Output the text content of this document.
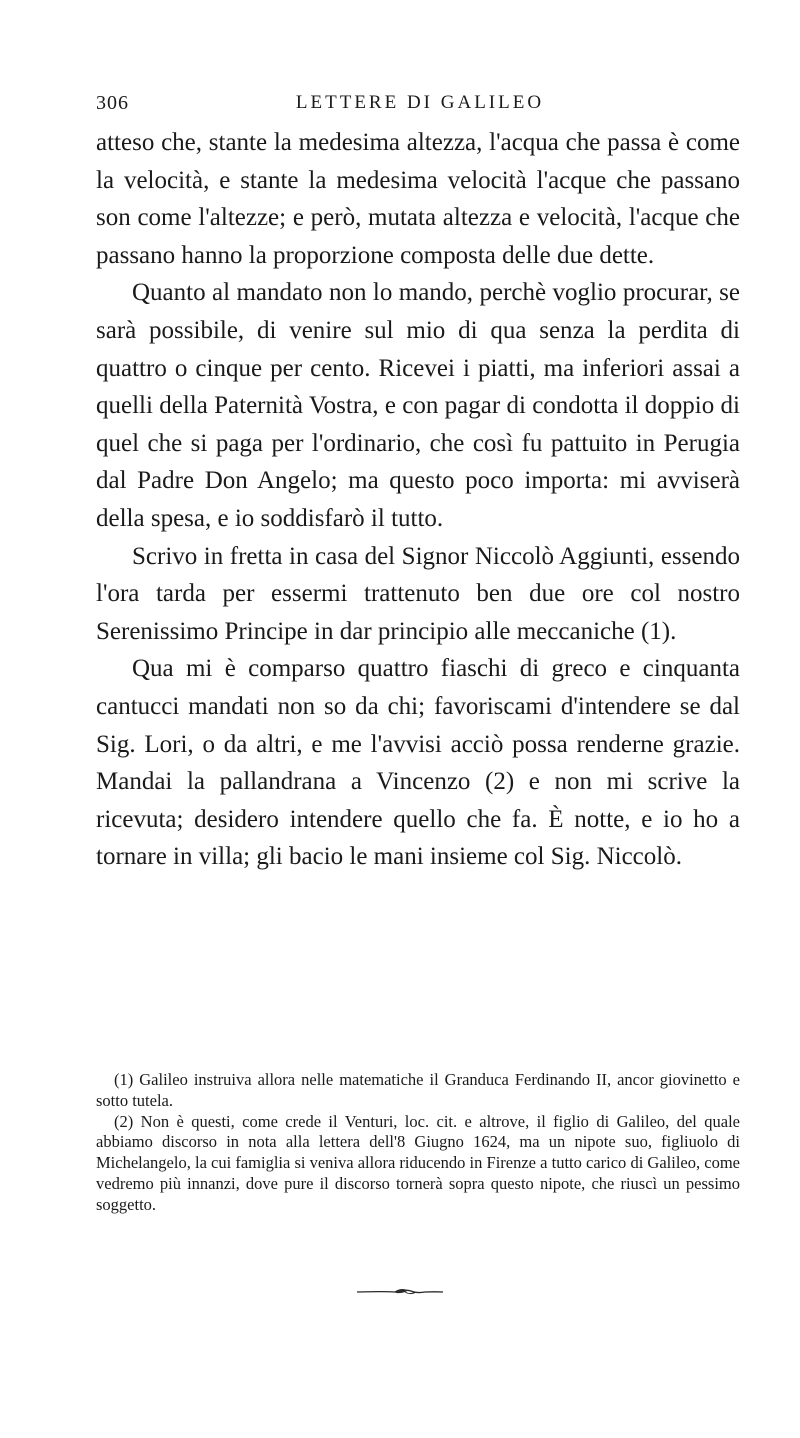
306	LETTERE DI GALILEO

atteso che, stante la medesima altezza, l'acqua che passa è come la velocità, e stante la medesima velocità l'acque che passano son come l'altezze; e però, mutata altezza e velocità, l'acque che passano hanno la proporzione composta delle due dette.

Quanto al mandato non lo mando, perchè voglio procurar, se sarà possibile, di venire sul mio di qua senza la perdita di quattro o cinque per cento. Ricevei i piatti, ma inferiori assai a quelli della Paternità Vostra, e con pagar di condotta il doppio di quel che si paga per l'ordinario, che così fu pattuito in Perugia dal Padre Don Angelo; ma questo poco importa: mi avviserà della spesa, e io soddisfarò il tutto.

Scrivo in fretta in casa del Signor Niccolò Aggiunti, essendo l'ora tarda per essermi trattenuto ben due ore col nostro Serenissimo Principe in dar principio alle meccaniche (1).

Qua mi è comparso quattro fiaschi di greco e cinquanta cantucci mandati non so da chi; favoriscami d'intendere se dal Sig. Lori, o da altri, e me l'avvisi acciò possa renderne grazie. Mandai la pallandrana a Vincenzo (2) e non mi scrive la ricevuta; desidero intendere quello che fa. È notte, e io ho a tornare in villa; gli bacio le mani insieme col Sig. Niccolò.

(1) Galileo instruiva allora nelle matematiche il Granduca Ferdinando II, ancor giovinetto e sotto tutela.

(2) Non è questi, come crede il Venturi, loc. cit. e altrove, il figlio di Galileo, del quale abbiamo discorso in nota alla lettera dell'8 Giugno 1624, ma un nipote suo, figliuolo di Michelangelo, la cui famiglia si veniva allora riducendo in Firenze a tutto carico di Galileo, come vedremo più innanzi, dove pure il discorso tornerà sopra questo nipote, che riuscì un pessimo soggetto.
